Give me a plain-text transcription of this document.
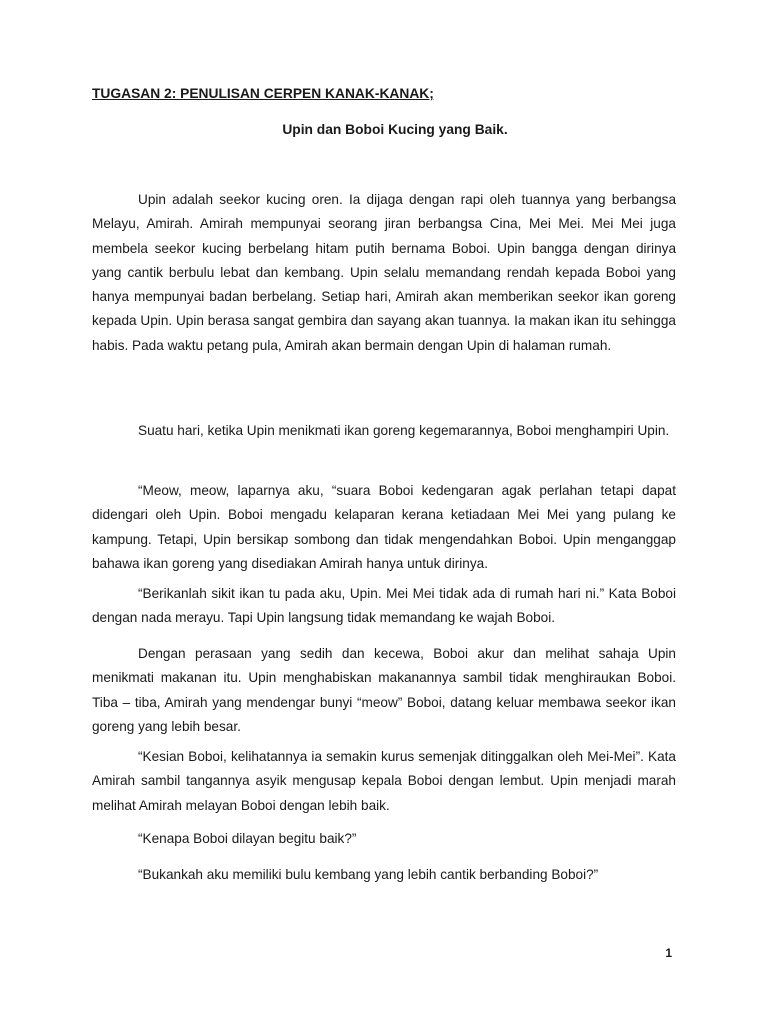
TUGASAN 2: PENULISAN CERPEN KANAK-KANAK;
Upin dan Boboi Kucing yang Baik.

Upin adalah seekor kucing oren. Ia dijaga dengan rapi oleh tuannya yang berbangsa Melayu, Amirah. Amirah mempunyai seorang jiran berbangsa Cina, Mei Mei. Mei Mei juga membela seekor kucing berbelang hitam putih bernama Boboi. Upin bangga dengan dirinya yang cantik berbulu lebat dan kembang. Upin selalu memandang rendah kepada Boboi yang hanya mempunyai badan berbelang. Setiap hari, Amirah akan memberikan seekor ikan goreng kepada Upin. Upin berasa sangat gembira dan sayang akan tuannya. Ia makan ikan itu sehingga habis. Pada waktu petang pula, Amirah akan bermain dengan Upin di halaman rumah.

Suatu hari, ketika Upin menikmati ikan goreng kegemarannya, Boboi menghampiri Upin.

“Meow, meow, laparnya aku, “suara Boboi kedengaran agak perlahan tetapi dapat didengari oleh Upin. Boboi mengadu kelaparan kerana ketiadaan Mei Mei yang pulang ke kampung. Tetapi, Upin bersikap sombong dan tidak mengendahkan Boboi. Upin menganggap bahawa ikan goreng yang disediakan Amirah hanya untuk dirinya.

“Berikanlah sikit ikan tu pada aku, Upin. Mei Mei tidak ada di rumah hari ni.” Kata Boboi dengan nada merayu. Tapi Upin langsung tidak memandang ke wajah Boboi.

Dengan perasaan yang sedih dan kecewa, Boboi akur dan melihat sahaja Upin menikmati makanan itu. Upin menghabiskan makanannya sambil tidak menghiraukan Boboi. Tiba – tiba, Amirah yang mendengar bunyi “meow” Boboi, datang keluar membawa seekor ikan goreng yang lebih besar.

“Kesian Boboi, kelihatannya ia semakin kurus semenjak ditinggalkan oleh Mei-Mei”. Kata Amirah sambil tangannya asyik mengusap kepala Boboi dengan lembut. Upin menjadi marah melihat Amirah melayan Boboi dengan lebih baik.

“Kenapa Boboi dilayan begitu baik?”

“Bukankah aku memiliki bulu kembang yang lebih cantik berbanding Boboi?”

1
